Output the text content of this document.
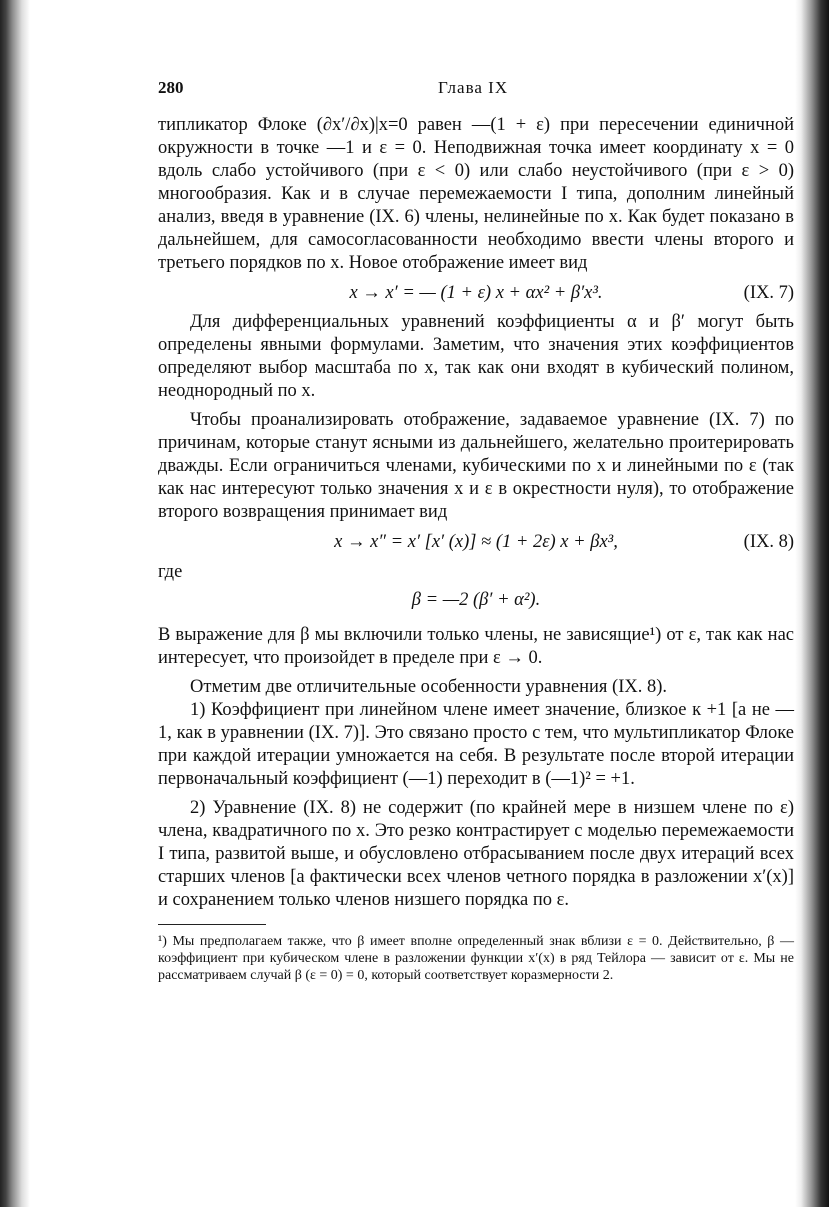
280	Глава IX

типликатор Флоке (∂x′/∂x)|x=0 равен —(1 + ε) при пересечении единичной окружности в точке —1 и ε = 0. Неподвижная точка имеет координату x = 0 вдоль слабо устойчивого (при ε < 0) или слабо неустойчивого (при ε > 0) многообразия. Как и в случае перемежаемости I типа, дополним линейный анализ, введя в уравнение (IX. 6) члены, нелинейные по x. Как будет показано в дальнейшем, для самосогласованности необходимо ввести члены второго и третьего порядков по x. Новое отображение имеет вид

x → x′ = — (1 + ε) x + αx² + β′x³.	(IX. 7)

Для дифференциальных уравнений коэффициенты α и β′ могут быть определены явными формулами. Заметим, что значения этих коэффициентов определяют выбор масштаба по x, так как они входят в кубический полином, неоднородный по x.

Чтобы проанализировать отображение, задаваемое уравнение (IX. 7) по причинам, которые станут ясными из дальнейшего, желательно проитерировать дважды. Если ограничиться членами, кубическими по x и линейными по ε (так как нас интересуют только значения x и ε в окрестности нуля), то отображение второго возвращения принимает вид

x → x″ = x′ [x′ (x)] ≈ (1 + 2ε) x + βx³,	(IX. 8)
где
β = —2 (β′ + α²).

В выражение для β мы включили только члены, не зависящие¹) от ε, так как нас интересует, что произойдет в пределе при ε → 0.

Отметим две отличительные особенности уравнения (IX. 8).

1) Коэффициент при линейном члене имеет значение, близкое к +1 [а не —1, как в уравнении (IX. 7)]. Это связано просто с тем, что мультипликатор Флоке при каждой итерации умножается на себя. В результате после второй итерации первоначальный коэффициент (—1) переходит в (—1)² = +1.

2) Уравнение (IX. 8) не содержит (по крайней мере в низшем члене по ε) члена, квадратичного по x. Это резко контрастирует с моделью перемежаемости I типа, развитой выше, и обусловлено отбрасыванием после двух итераций всех старших членов [а фактически всех членов четного порядка в разложении x′(x)] и сохранением только членов низшего порядка по ε.

¹) Мы предполагаем также, что β имеет вполне определенный знак вблизи ε = 0. Действительно, β — коэффициент при кубическом члене в разложении функции x′(x) в ряд Тейлора — зависит от ε. Мы не рассматриваем случай β (ε = 0) = 0, который соответствует коразмерности 2.
